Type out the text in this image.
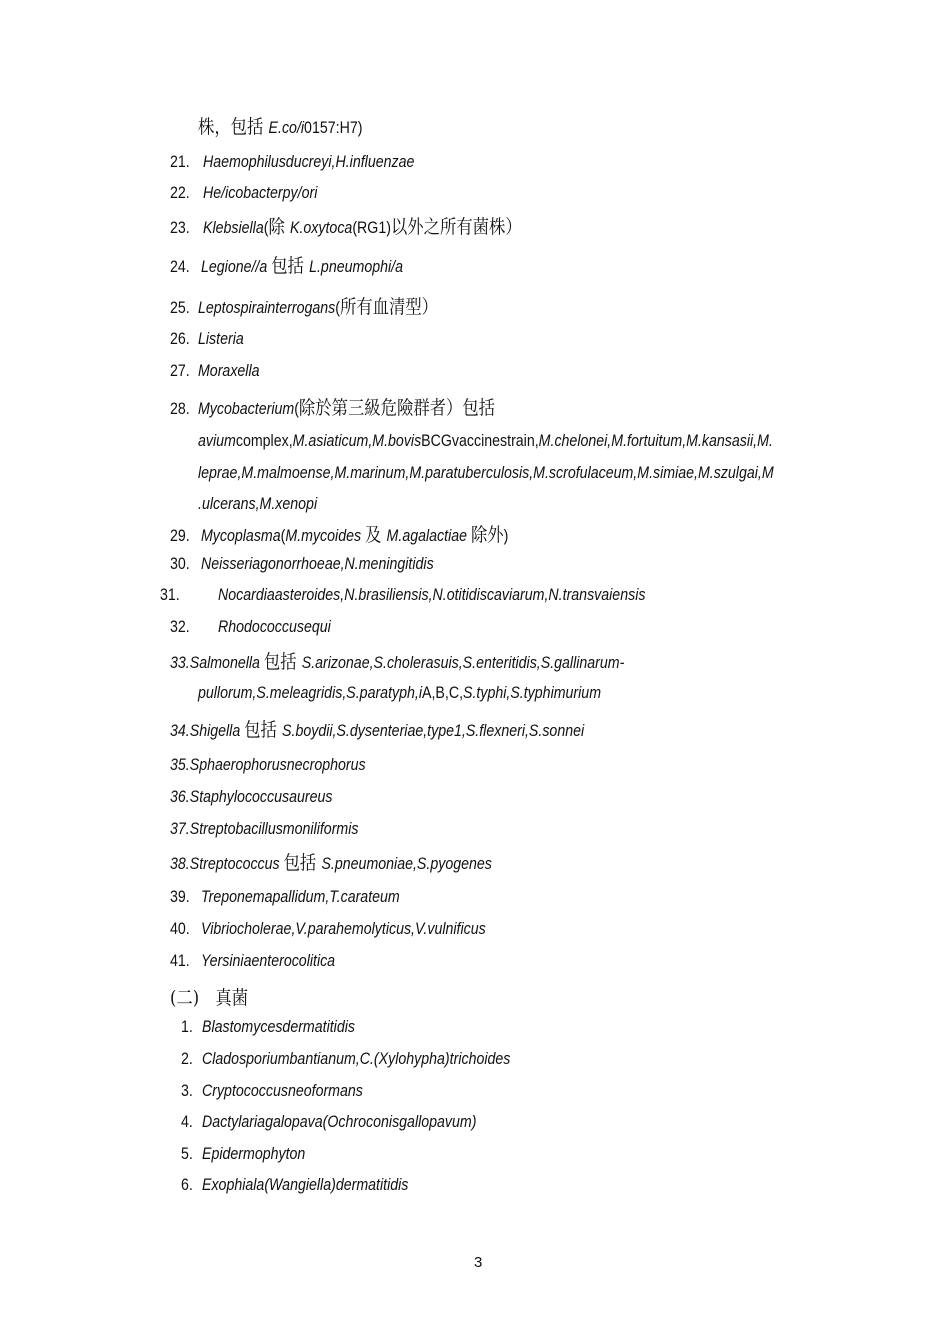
株，包括 E.co/i0157:H7)
21. Haemophilusducreyi,H.influenzae
22. He/icobacterpy/ori
23. Klebsiella(除 K.oxytoca(RG1)以外之所有菌株）
24. Legione//a 包括 L.pneumophi/a
25. Leptospirainterrogans(所有血清型）
26. Listeria
27. Moraxella
28. Mycobacterium(除於第三級危險群者）包括
aviumcomplex,M.asiaticum,M.bovisBCGvaccinestrain,M.chelonei,M.fortuitum,M.kansasii,M.
leprae,M.malmoense,M.marinum,M.paratuberculosis,M.scrofulaceum,M.simiae,M.szulgai,M
.ulcerans,M.xenopi
29. Mycoplasma(M.mycoides 及 M.agalactiae 除外)
30. Neisseriagonorrhoeae,N.meningitidis
31. Nocardiaasteroides,N.brasiliensis,N.otitidiscaviarum,N.transvaiensis
32. Rhodococcusequi
33.Salmonella 包括 S.arizonae,S.cholerasuis,S.enteritidis,S.gallinarum-
pullorum,S.meleagridis,S.paratyph,iA,B,C,S.typhi,S.typhimurium
34.Shigella 包括 S.boydii,S.dysenteriae,type1,S.flexneri,S.sonnei
35.Sphaerophorusnecrophorus
36.Staphylococcusaureus
37.Streptobacillusmoniliformis
38.Streptococcus 包括 S.pneumoniae,S.pyogenes
39. Treponemapallidum,T.carateum
40. Vibriocholerae,V.parahemolyticus,V.vulnificus
41. Yersiniaenterocolitica
(二)　真菌
1. Blastomycesdermatitidis
2. Cladosporiumbantianum,C.(Xylohypha)trichoides
3. Cryptococcusneoformans
4. Dactylariagalopava(Ochroconisgallopavum)
5. Epidermophyton
6. Exophiala(Wangiella)dermatitidis
3
